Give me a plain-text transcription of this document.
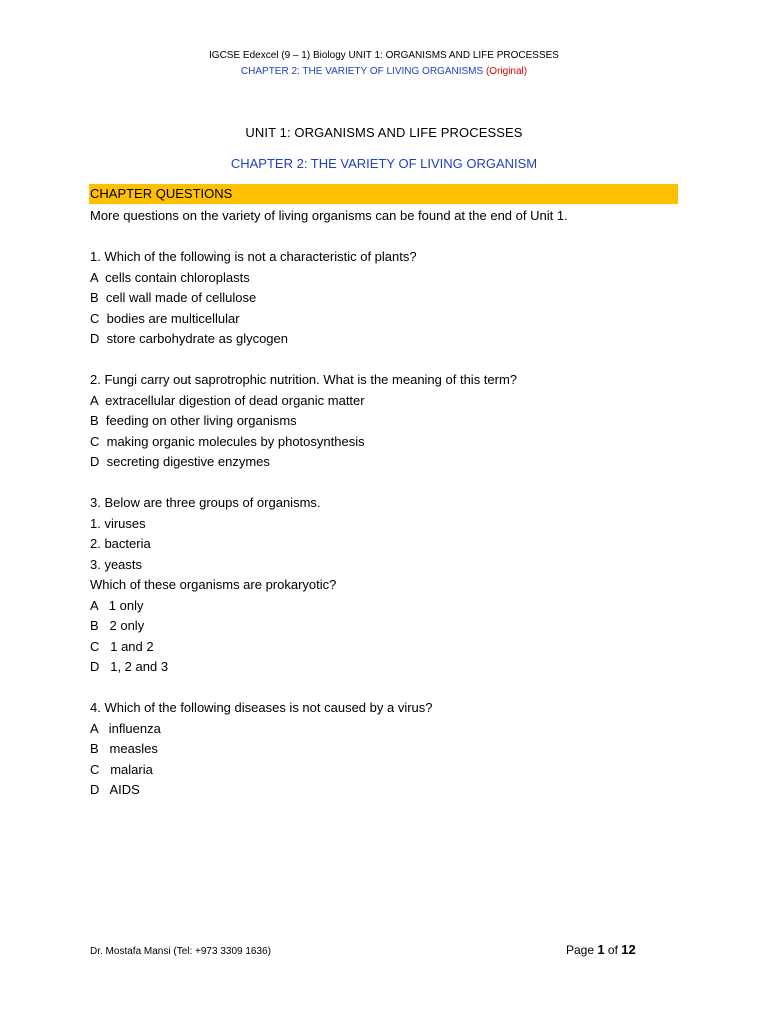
IGCSE Edexcel (9 – 1) Biology UNIT 1: ORGANISMS AND LIFE PROCESSES
CHAPTER 2: THE VARIETY OF LIVING ORGANISMS (Original)
UNIT 1: ORGANISMS AND LIFE PROCESSES
CHAPTER 2: THE VARIETY OF LIVING ORGANISM
CHAPTER QUESTIONS
More questions on the variety of living organisms can be found at the end of Unit 1.
1. Which of the following is not a characteristic of plants?
A  cells contain chloroplasts
B  cell wall made of cellulose
C  bodies are multicellular
D  store carbohydrate as glycogen
2. Fungi carry out saprotrophic nutrition. What is the meaning of this term?
A  extracellular digestion of dead organic matter
B  feeding on other living organisms
C  making organic molecules by photosynthesis
D  secreting digestive enzymes
3. Below are three groups of organisms.
1. viruses
2. bacteria
3. yeasts
Which of these organisms are prokaryotic?
A   1 only
B   2 only
C   1 and 2
D   1, 2 and 3
4. Which of the following diseases is not caused by a virus?
A   influenza
B   measles
C   malaria
D   AIDS
Dr. Mostafa Mansi (Tel: +973 3309 1636)	Page 1 of 12
